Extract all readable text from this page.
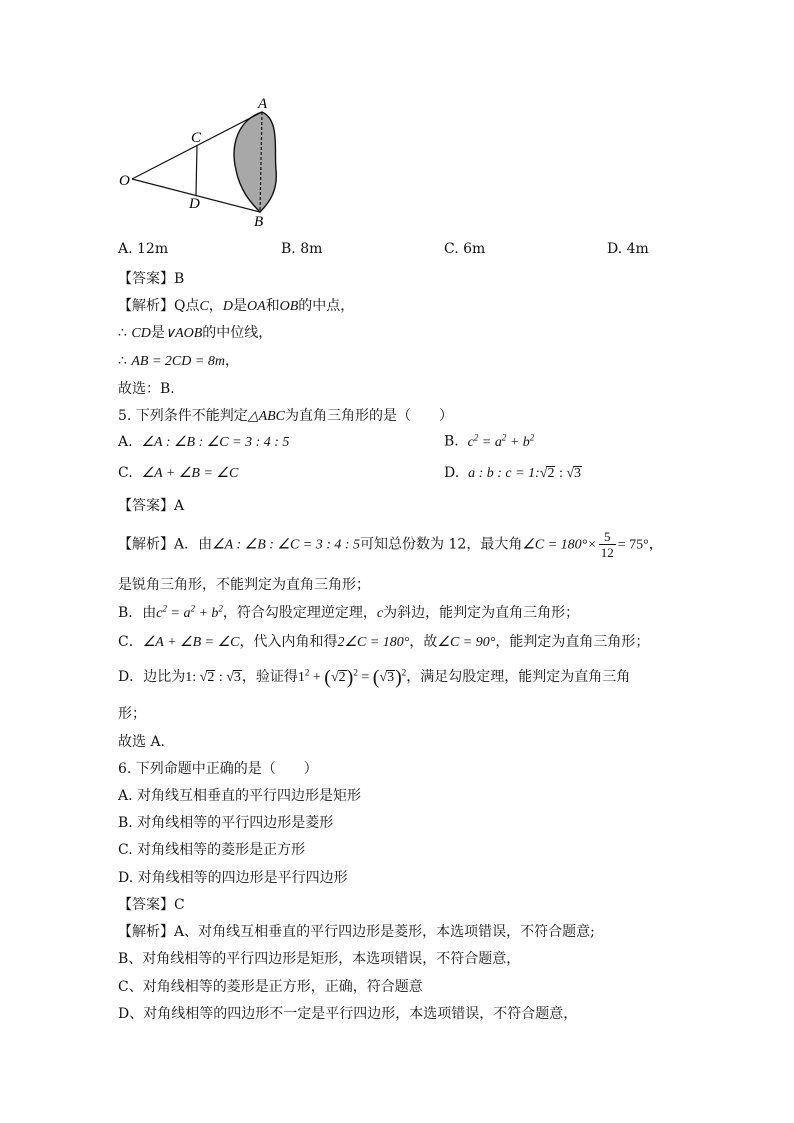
A
B
C
D
O
A. 12m	B. 8m	C. 6m	D. 4m
【答案】B
【解析】Q点C，D是OA和OB的中点，
∴ CD是∨AOB的中位线，
∴ AB = 2CD = 8m，
故选：B．
5. 下列条件不能判定△ABC为直角三角形的是（　　）
A. ∠A : ∠B : ∠C = 3 : 4 : 5	B. $c^2 = a^2 + b^2$
C. ∠A + ∠B = ∠C	D. a : b : c = 1:√2 : √3
【答案】A
【解析】A．由∠A : ∠B : ∠C = 3 : 4 : 5可知总份数为 12，最大角∠C = $180^\circ\times \frac{5}{12} = 75^\circ$，
是锐角三角形，不能判定为直角三角形；
B．由$c^2 = a^2 + b^2$，符合勾股定理逆定理，c为斜边，能判定为直角三角形；
C．∠A + ∠B = ∠C，代入内角和得2∠C = 180°，故∠C = 90°，能判定为直角三角形；
D．边比为1: √2 : √3，验证得$1^2 + (√2)^2 = (√3)^2$，满足勾股定理，能判定为直角三角
形；
故选 A．
6. 下列命题中正确的是（　　）
A. 对角线互相垂直的平行四边形是矩形
B. 对角线相等的平行四边形是菱形
C. 对角线相等的菱形是正方形
D. 对角线相等的四边形是平行四边形
【答案】C
【解析】A、对角线互相垂直的平行四边形是菱形，本选项错误，不符合题意;
B、对角线相等的平行四边形是矩形，本选项错误，不符合题意，
C、对角线相等的菱形是正方形，正确，符合题意
D、对角线相等的四边形不一定是平行四边形，本选项错误，不符合题意，
